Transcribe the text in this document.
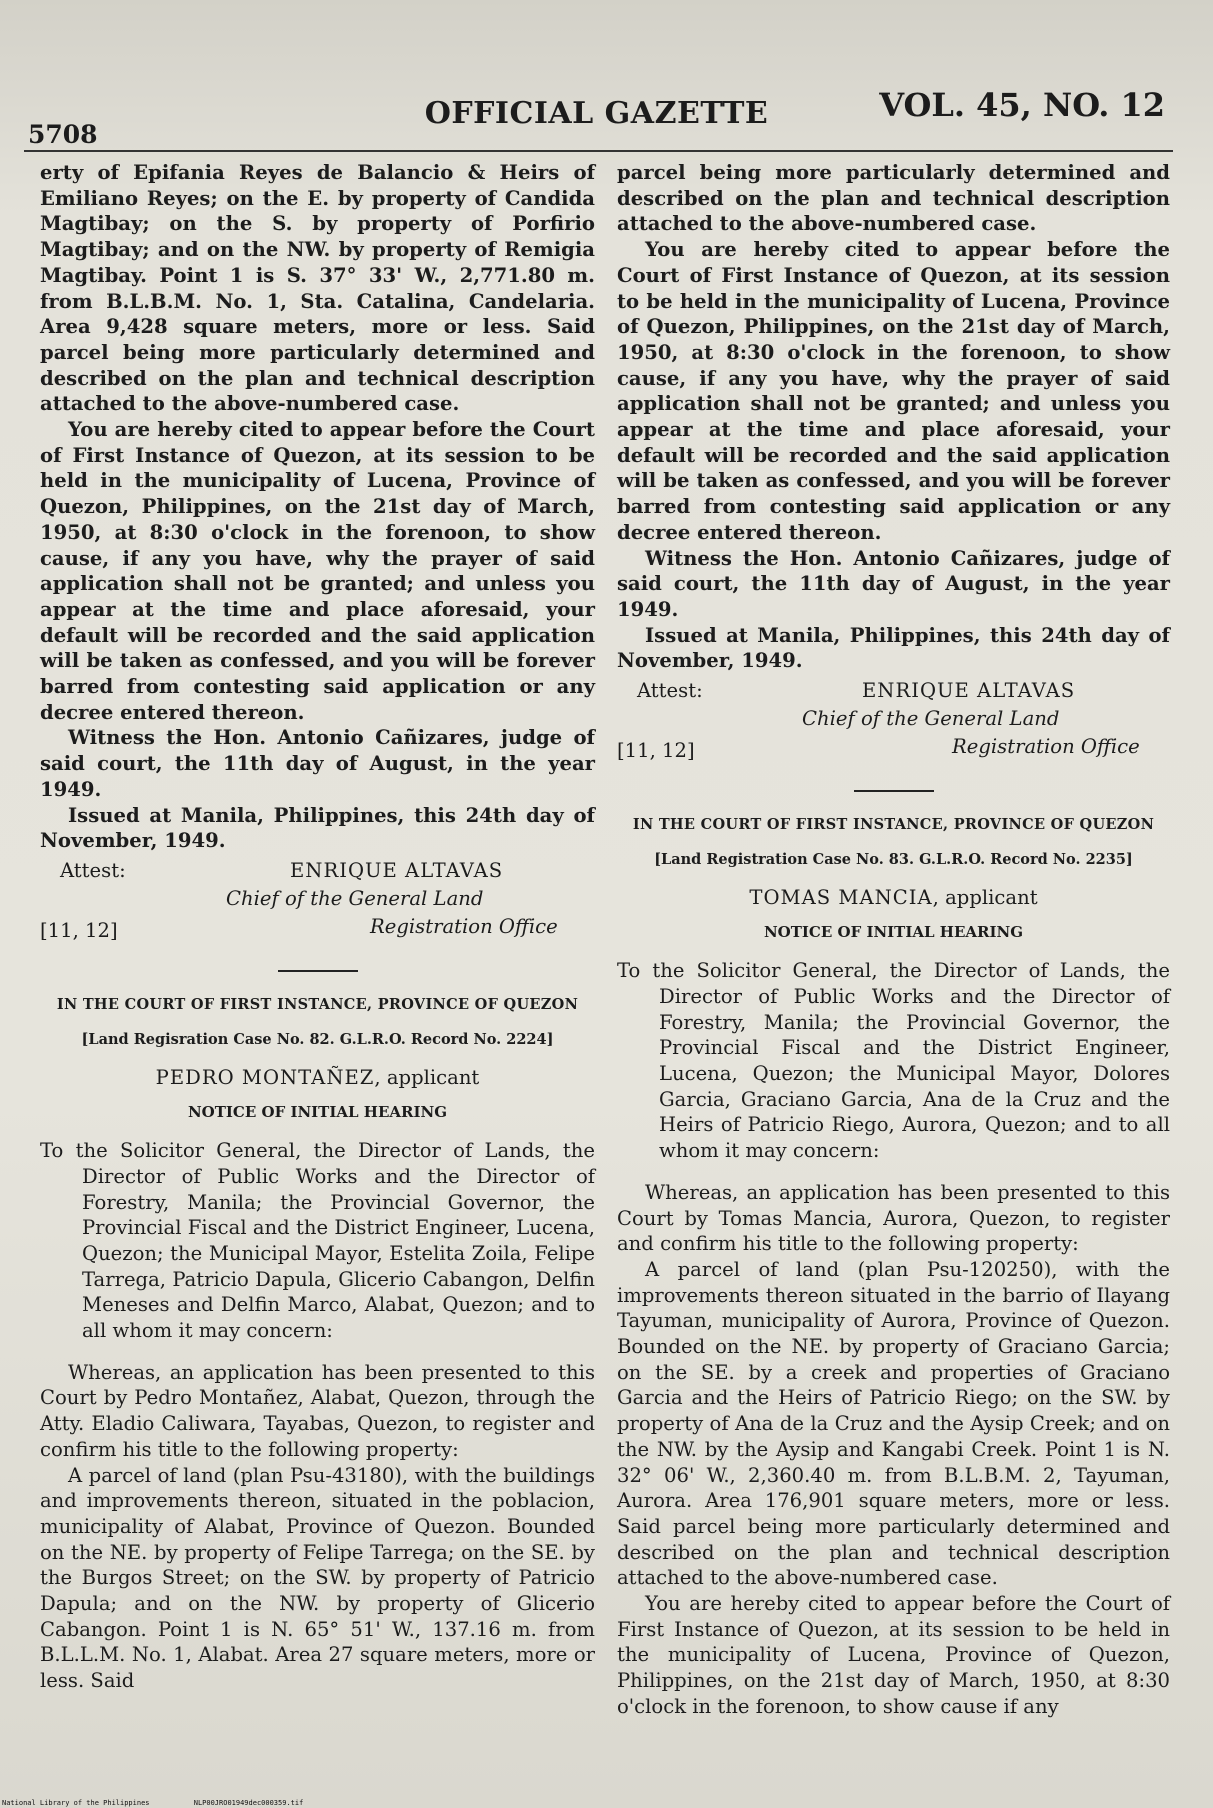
5708
OFFICIAL GAZETTE	VOL. 45, NO. 12

erty of Epifania Reyes de Balancio & Heirs of Emiliano Reyes; on the E. by property of Candida Magtibay; on the S. by property of Porfirio Magtibay; and on the NW. by property of Remigia Magtibay. Point 1 is S. 37° 33' W., 2,771.80 m. from B.L.B.M. No. 1, Sta. Catalina, Candelaria. Area 9,428 square meters, more or less. Said parcel being more particularly determined and described on the plan and technical description attached to the above-numbered case.

You are hereby cited to appear before the Court of First Instance of Quezon, at its session to be held in the municipality of Lucena, Province of Quezon, Philippines, on the 21st day of March, 1950, at 8:30 o'clock in the forenoon, to show cause, if any you have, why the prayer of said application shall not be granted; and unless you appear at the time and place aforesaid, your default will be recorded and the said application will be taken as confessed, and you will be forever barred from contesting said application or any decree entered thereon.

Witness the Hon. Antonio Cañizares, judge of said court, the 11th day of August, in the year 1949.

Issued at Manila, Philippines, this 24th day of November, 1949.

Attest:	ENRIQUE ALTAVAS
Chief of the General Land
Registration Office
[11, 12]

IN THE COURT OF FIRST INSTANCE, PROVINCE OF QUEZON

[Land Regisration Case No. 82. G.L.R.O. Record No. 2224]

PEDRO MONTAÑEZ, applicant

NOTICE OF INITIAL HEARING

To the Solicitor General, the Director of Lands, the Director of Public Works and the Director of Forestry, Manila; the Provincial Governor, the Provincial Fiscal and the District Engineer, Lucena, Quezon; the Municipal Mayor, Estelita Zoila, Felipe Tarrega, Patricio Dapula, Glicerio Cabangon, Delfin Meneses and Delfin Marco, Alabat, Quezon; and to all whom it may concern:

Whereas, an application has been presented to this Court by Pedro Montañez, Alabat, Quezon, through the Atty. Eladio Caliwara, Tayabas, Quezon, to register and confirm his title to the following property:

A parcel of land (plan Psu-43180), with the buildings and improvements thereon, situated in the poblacion, municipality of Alabat, Province of Quezon. Bounded on the NE. by property of Felipe Tarrega; on the SE. by the Burgos Street; on the SW. by property of Patricio Dapula; and on the NW. by property of Glicerio Cabangon. Point 1 is N. 65° 51' W., 137.16 m. from B.L.L.M. No. 1, Alabat. Area 27 square meters, more or less. Said

parcel being more particularly determined and described on the plan and technical description attached to the above-numbered case.

You are hereby cited to appear before the Court of First Instance of Quezon, at its session to be held in the municipality of Lucena, Province of Quezon, Philippines, on the 21st day of March, 1950, at 8:30 o'clock in the forenoon, to show cause, if any you have, why the prayer of said application shall not be granted; and unless you appear at the time and place aforesaid, your default will be recorded and the said application will be taken as confessed, and you will be forever barred from contesting said application or any decree entered thereon.

Witness the Hon. Antonio Cañizares, judge of said court, the 11th day of August, in the year 1949.

Issued at Manila, Philippines, this 24th day of November, 1949.

Attest:	ENRIQUE ALTAVAS
Chief of the General Land
Registration Office
[11, 12]

IN THE COURT OF FIRST INSTANCE, PROVINCE OF QUEZON

[Land Registration Case No. 83. G.L.R.O. Record No. 2235]

TOMAS MANCIA, applicant

NOTICE OF INITIAL HEARING

To the Solicitor General, the Director of Lands, the Director of Public Works and the Director of Forestry, Manila; the Provincial Governor, the Provincial Fiscal and the District Engineer, Lucena, Quezon; the Municipal Mayor, Dolores Garcia, Graciano Garcia, Ana de la Cruz and the Heirs of Patricio Riego, Aurora, Quezon; and to all whom it may concern:

Whereas, an application has been presented to this Court by Tomas Mancia, Aurora, Quezon, to register and confirm his title to the following property:

A parcel of land (plan Psu-120250), with the improvements thereon situated in the barrio of Ilayang Tayuman, municipality of Aurora, Province of Quezon. Bounded on the NE. by property of Graciano Garcia; on the SE. by a creek and properties of Graciano Garcia and the Heirs of Patricio Riego; on the SW. by property of Ana de la Cruz and the Aysip Creek; and on the NW. by the Aysip and Kangabi Creek. Point 1 is N. 32° 06' W., 2,360.40 m. from B.L.B.M. 2, Tayuman, Aurora. Area 176,901 square meters, more or less. Said parcel being more particularly determined and described on the plan and technical description attached to the above-numbered case.

You are hereby cited to appear before the Court of First Instance of Quezon, at its session to be held in the municipality of Lucena, Province of Quezon, Philippines, on the 21st day of March, 1950, at 8:30 o'clock in the forenoon, to show cause if any

National Library of the Philippines	NLP00JRO01949dec000359.tif
